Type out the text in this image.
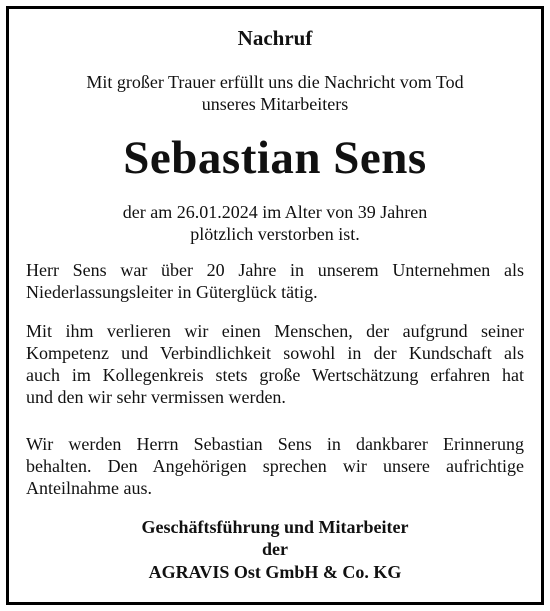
Nachruf

Mit großer Trauer erfüllt uns die Nachricht vom Tod

unseres Mitarbeiters

Sebastian Sens

der am 26.01.2024 im Alter von 39 Jahren

plötzlich verstorben ist.

Herr Sens war über 20 Jahre in unserem Unternehmen als
Niederlassungsleiter in Güterglück tätig.
Mit ihm verlieren wir einen Menschen, der aufgrund seiner
Kompetenz und Verbindlichkeit sowohl in der Kundschaft als
auch im Kollegenkreis stets große Wertschätzung erfahren hat
und den wir sehr vermissen werden.
Wir werden Herrn Sebastian Sens in dankbarer Erinnerung
behalten. Den Angehörigen sprechen wir unsere aufrichtige
Anteilnahme aus.

Geschäftsführung und Mitarbeiter

der

AGRAVIS Ost GmbH & Co. KG
